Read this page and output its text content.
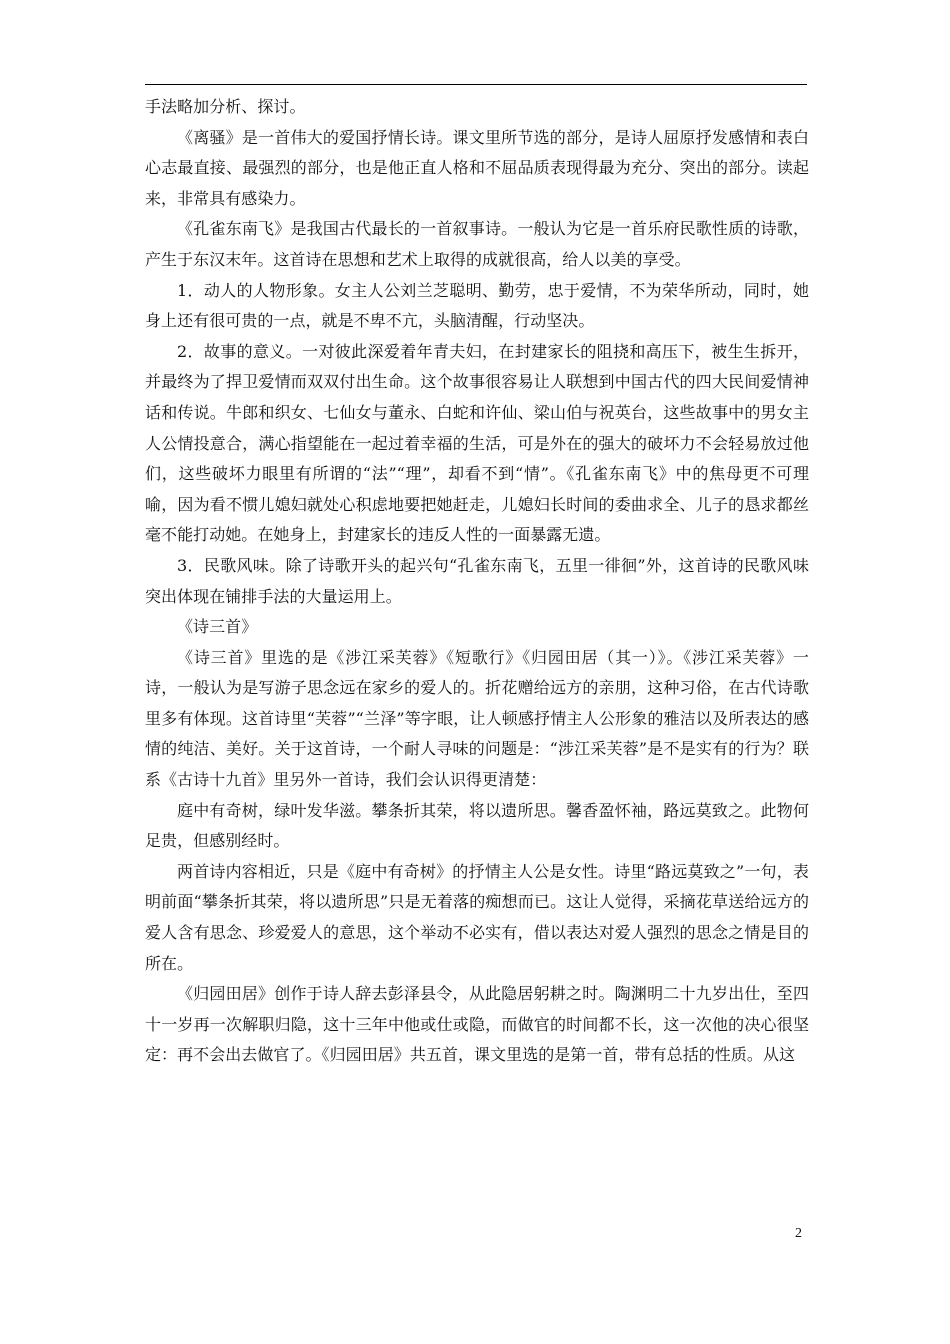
手法略加分析、探讨。

《离骚》是一首伟大的爱国抒情长诗。课文里所节选的部分，是诗人屈原抒发感情和表白心志最直接、最强烈的部分，也是他正直人格和不屈品质表现得最为充分、突出的部分。读起来，非常具有感染力。

《孔雀东南飞》是我国古代最长的一首叙事诗。一般认为它是一首乐府民歌性质的诗歌，产生于东汉末年。这首诗在思想和艺术上取得的成就很高，给人以美的享受。

1．动人的人物形象。女主人公刘兰芝聪明、勤劳，忠于爱情，不为荣华所动，同时，她身上还有很可贵的一点，就是不卑不亢，头脑清醒，行动坚决。

2．故事的意义。一对彼此深爱着年青夫妇，在封建家长的阻挠和高压下，被生生拆开，并最终为了捍卫爱情而双双付出生命。这个故事很容易让人联想到中国古代的四大民间爱情神话和传说。牛郎和织女、七仙女与董永、白蛇和许仙、梁山伯与祝英台，这些故事中的男女主人公情投意合，满心指望能在一起过着幸福的生活，可是外在的强大的破坏力不会轻易放过他们，这些破坏力眼里有所谓的“法”“理”，却看不到“情”。《孔雀东南飞》中的焦母更不可理喻，因为看不惯儿媳妇就处心积虑地要把她赶走，儿媳妇长时间的委曲求全、儿子的恳求都丝毫不能打动她。在她身上，封建家长的违反人性的一面暴露无遗。

3．民歌风味。除了诗歌开头的起兴句“孔雀东南飞，五里一徘徊”外，这首诗的民歌风味突出体现在铺排手法的大量运用上。

《诗三首》

《诗三首》里选的是《涉江采芙蓉》《短歌行》《归园田居（其一）》。《涉江采芙蓉》一诗，一般认为是写游子思念远在家乡的爱人的。折花赠给远方的亲朋，这种习俗，在古代诗歌里多有体现。这首诗里“芙蓉”“兰泽”等字眼，让人顿感抒情主人公形象的雅洁以及所表达的感情的纯洁、美好。关于这首诗，一个耐人寻味的问题是：“涉江采芙蓉”是不是实有的行为？联系《古诗十九首》里另外一首诗，我们会认识得更清楚：

庭中有奇树，绿叶发华滋。攀条折其荣，将以遗所思。馨香盈怀袖，路远莫致之。此物何足贵，但感别经时。

两首诗内容相近，只是《庭中有奇树》的抒情主人公是女性。诗里“路远莫致之”一句，表明前面“攀条折其荣，将以遗所思”只是无着落的痴想而已。这让人觉得，采摘花草送给远方的爱人含有思念、珍爱爱人的意思，这个举动不必实有，借以表达对爱人强烈的思念之情是目的所在。

《归园田居》创作于诗人辞去彭泽县令，从此隐居躬耕之时。陶渊明二十九岁出仕，至四十一岁再一次解职归隐，这十三年中他或仕或隐，而做官的时间都不长，这一次他的决心很坚定：再不会出去做官了。《归园田居》共五首，课文里选的是第一首，带有总括的性质。从这

2
